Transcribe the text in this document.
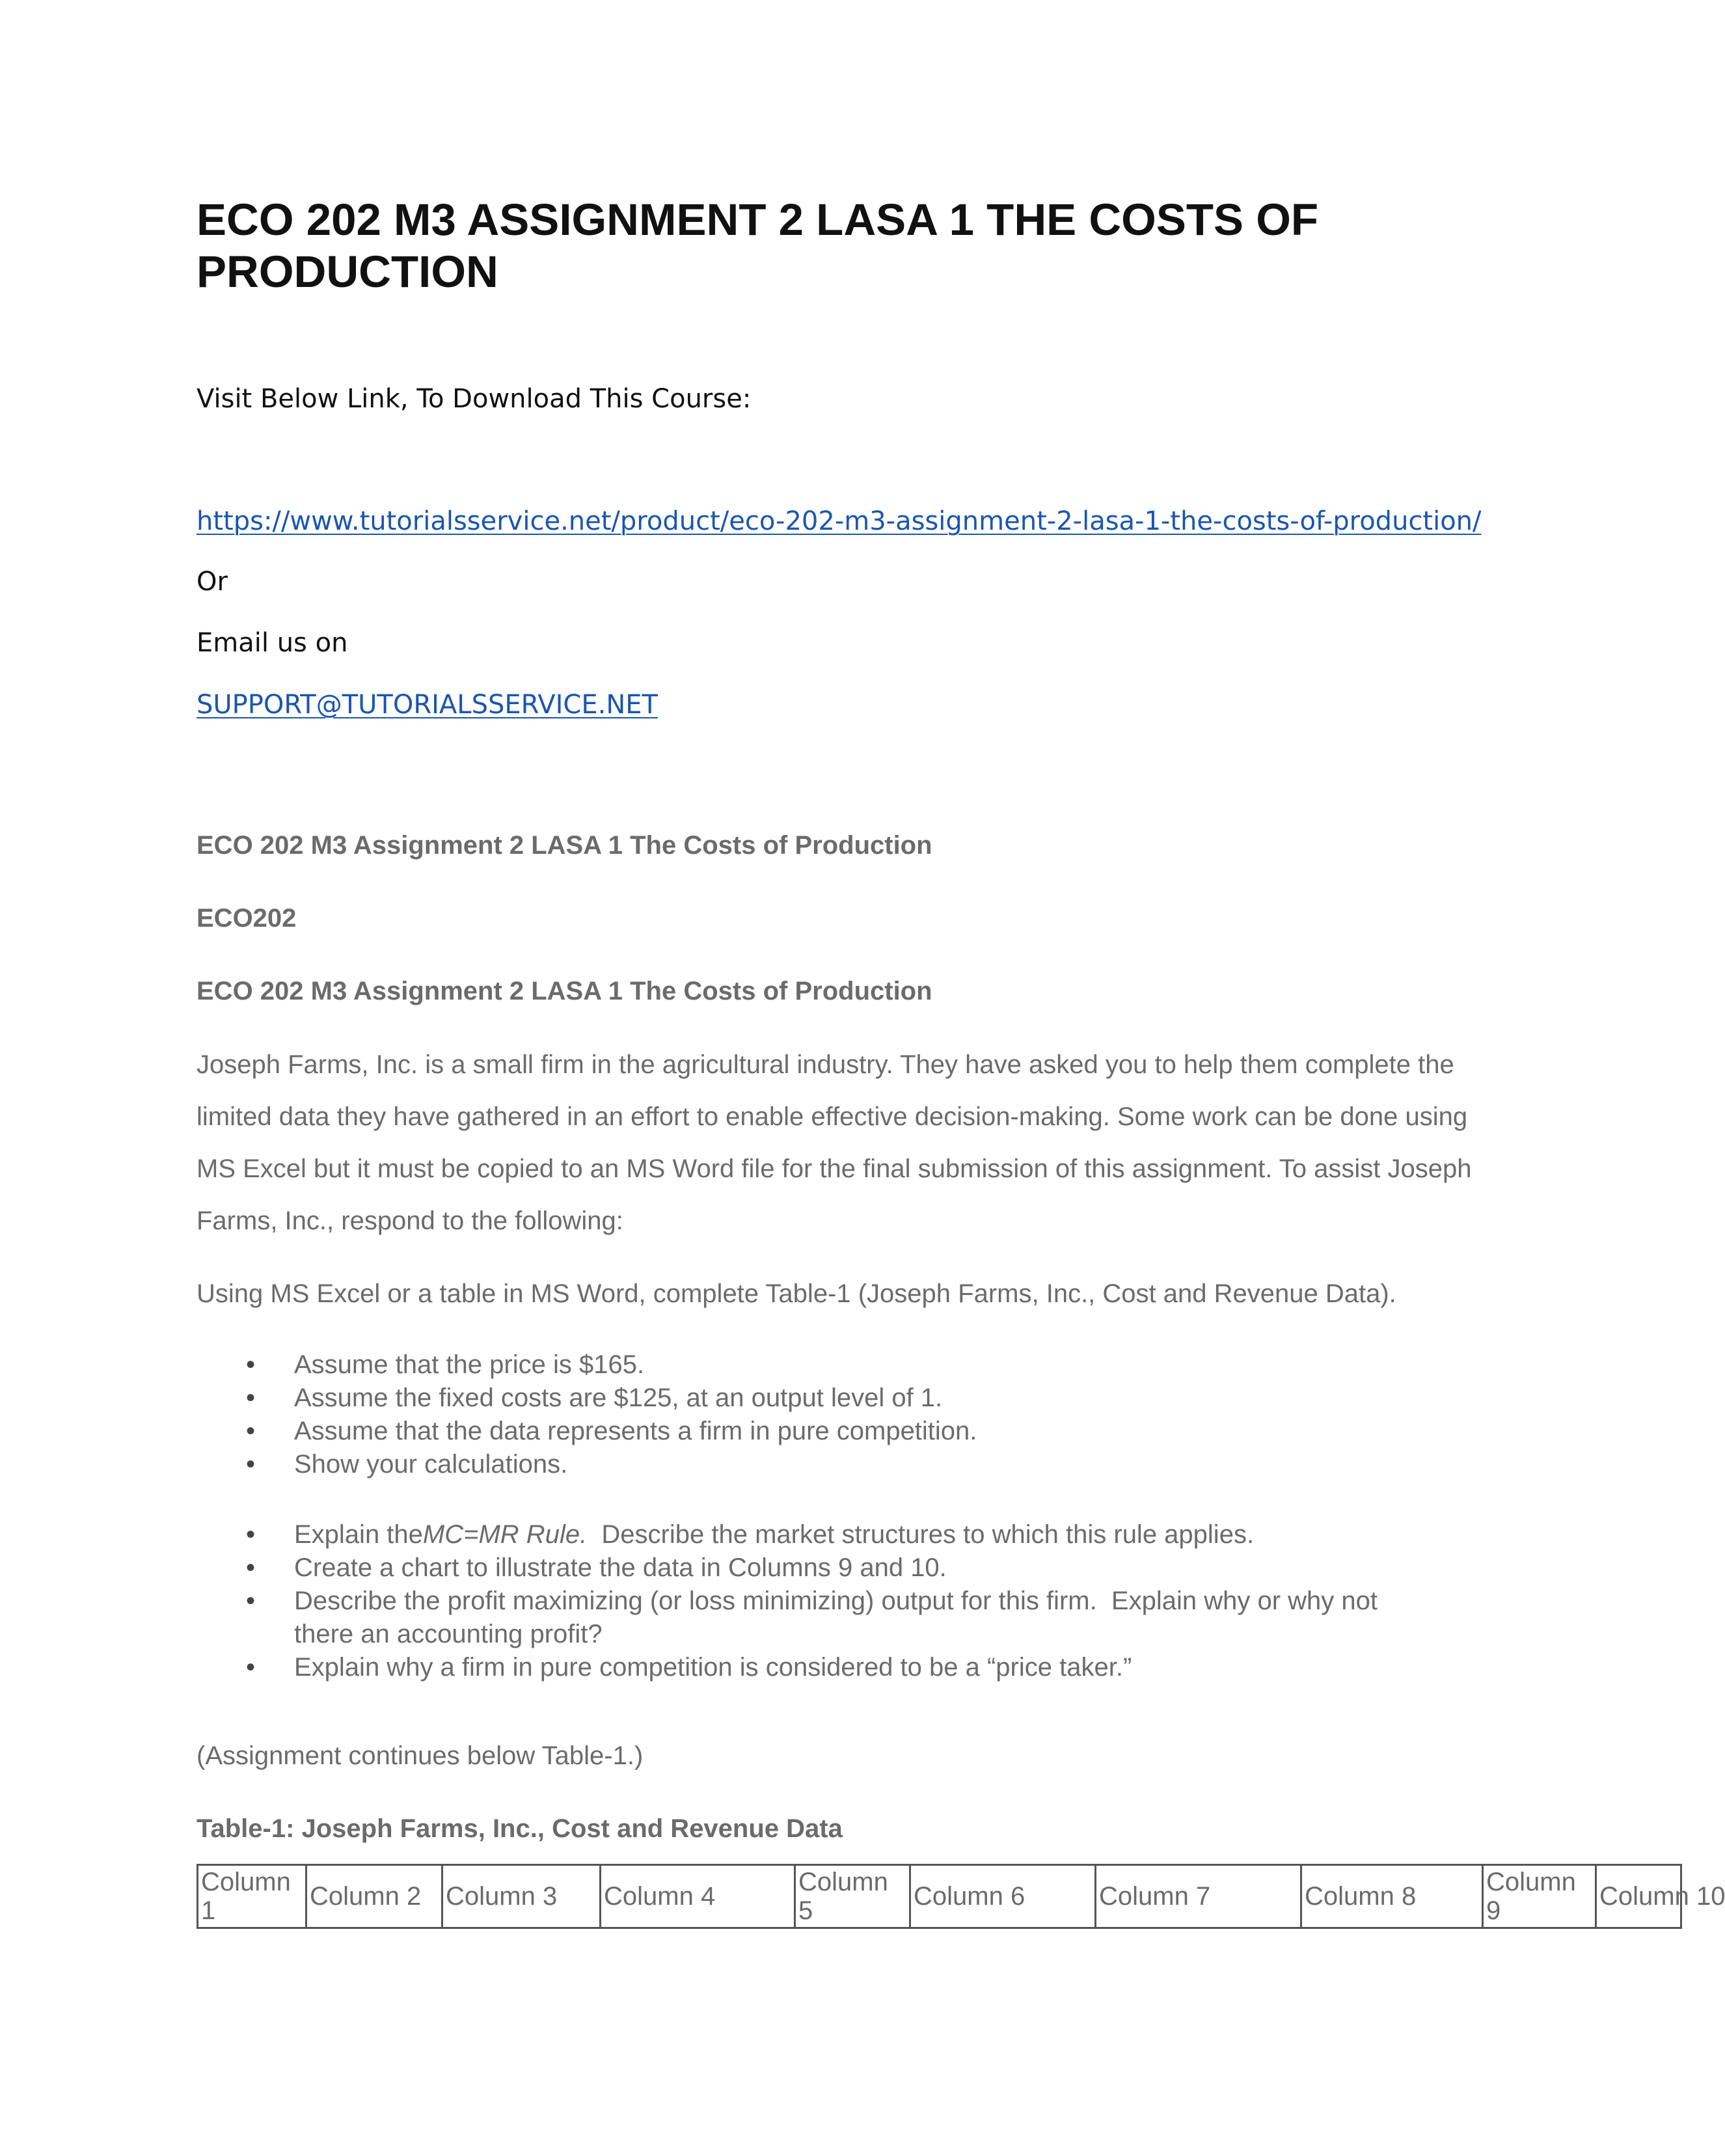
ECO 202 M3 ASSIGNMENT 2 LASA 1 THE COSTS OF PRODUCTION

Visit Below Link, To Download This Course:

https://www.tutorialsservice.net/product/eco-202-m3-assignment-2-lasa-1-the-costs-of-production/

Or

Email us on

SUPPORT@TUTORIALSSERVICE.NET

ECO 202 M3 Assignment 2 LASA 1 The Costs of Production

ECO202

ECO 202 M3 Assignment 2 LASA 1 The Costs of Production

Joseph Farms, Inc. is a small firm in the agricultural industry. They have asked you to help them complete the limited data they have gathered in an effort to enable effective decision-making. Some work can be done using MS Excel but it must be copied to an MS Word file for the final submission of this assignment. To assist Joseph Farms, Inc., respond to the following:

Using MS Excel or a table in MS Word, complete Table-1 (Joseph Farms, Inc., Cost and Revenue Data).

• Assume that the price is $165.
• Assume the fixed costs are $125, at an output level of 1.
• Assume that the data represents a firm in pure competition.
• Show your calculations.
• Explain theMC=MR Rule.  Describe the market structures to which this rule applies.
• Create a chart to illustrate the data in Columns 9 and 10.
• Describe the profit maximizing (or loss minimizing) output for this firm.  Explain why or why not there an accounting profit?
• Explain why a firm in pure competition is considered to be a “price taker.”

(Assignment continues below Table-1.)

Table-1: Joseph Farms, Inc., Cost and Revenue Data

Column 1	Column 2	Column 3	Column 4	Column 5	Column 6	Column 7	Column 8	Column 9	Column 10
